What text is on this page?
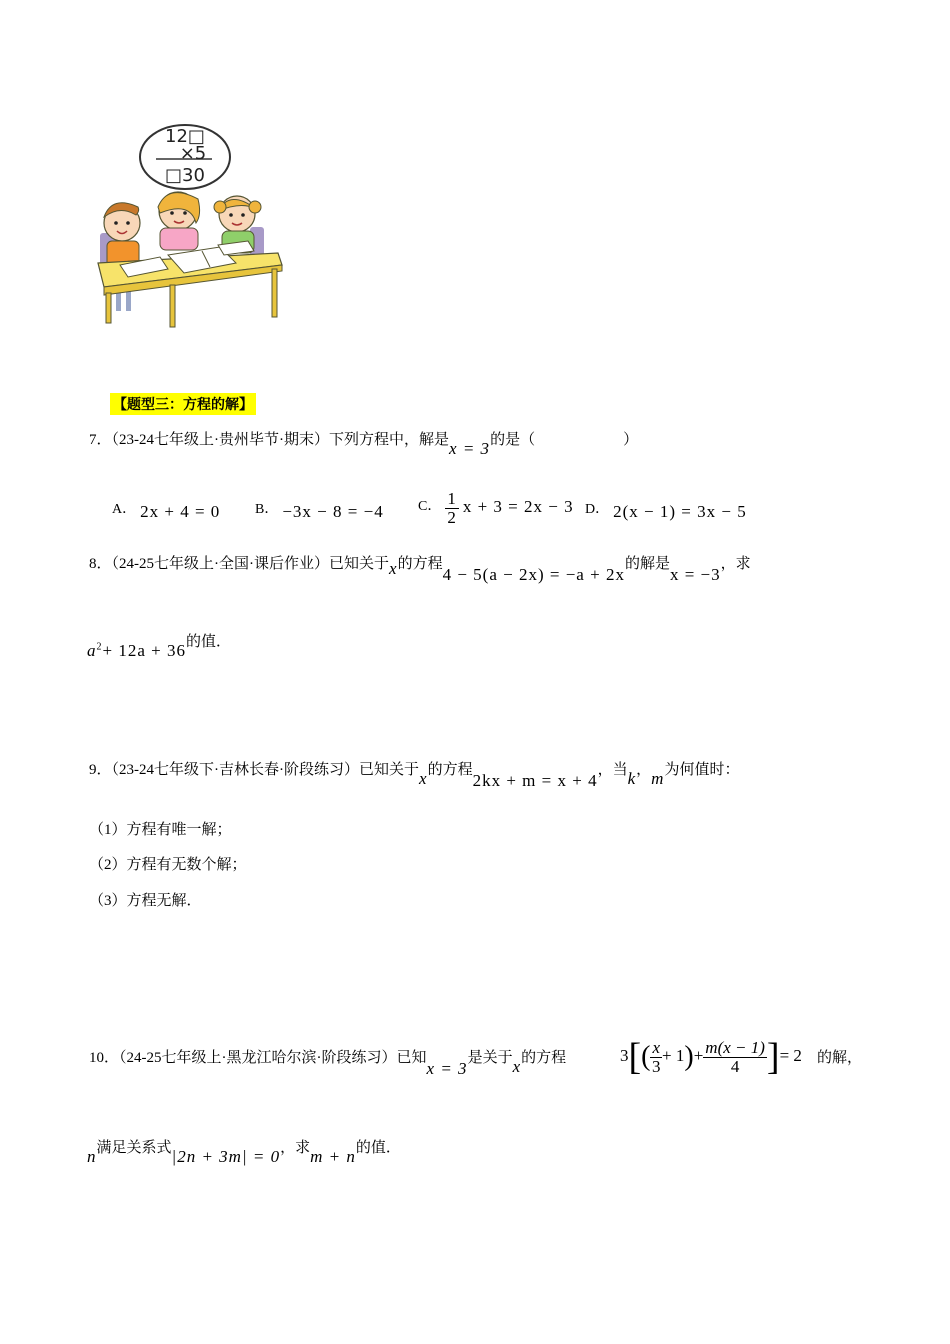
12□
×5
□30
【题型三：方程的解】
7．（23-24七年级上·贵州毕节·期末）下列方程中，解是x = 3的是（	）
A． 2x + 4 = 0 B． −3x − 8 = −4 C． $\frac{1}{2}$ x + 3 = 2x − 3 D． 2(x − 1) = 3x − 5
8．（24-25七年级上·全国·课后作业）已知关于x的方程4 − 5(a − 2x) = −a + 2x的解是x = −3，求
$a^2+ 12a + 36$的值．
9．（23-24七年级下·吉林长春·阶段练习）已知关于x的方程2kx + m = x + 4，当k，m为何值时：
（1）方程有唯一解；
（2）方程有无数个解；
（3）方程无解．
10．（24-25七年级上·黑龙江哈尔滨·阶段练习）已知x = 3是关于x的方程	$3[( \frac{x}{3} + 1)+ \frac{m(x - 1)}{4}$ ]= 2 的解，
n满足关系式|2n + 3m| = 0，求m + n的值．
